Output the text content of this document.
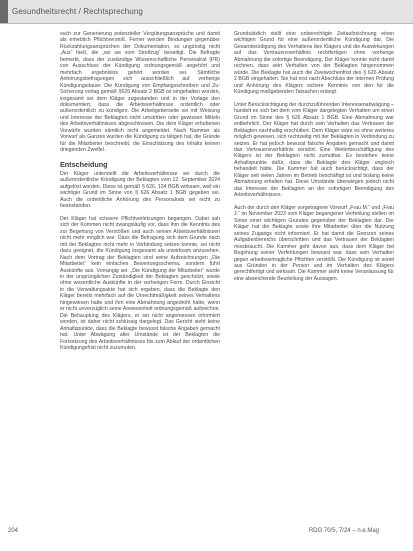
Gesundheitsrecht / Rechtsprechung

such zur Generierung potenzieller Vergütungsansprüche und damit als erheblich Pflichtverstoß. Ferner werden Bindungen gegenüber Rückzahlungsansprüchen der Dokumentation, so ungünstig nicht „Aus“ hieß, die „sei sie vom Streifzug“ beseitigt. Die Befragte bemerkt, dass der zuständige Wissenschaftliche Personalrat (PR) von Ausschluss der Kündigung ordnungsgemäß angehört und mehrfach ergebnislos gehört worden sei. Sämtliche Anhörungsbefragungen sich ausschließlich auf vorherige Kündigungsdauer. Die Kündigung von Empfangsschreiben und Zu-Sicherung vorlag gemäß §626 Absatz 2 BGB ist eingehalten worden, insgesamt sei dem Kläger zugestanden und in der Vorlage den dokumentiert, dass die Arbeitsverhältnisse ordentlich oder außerordentlich zu kündigen. Die Arbeitgeberseite sei mit Weisung und Interesse der Beklagten nicht umstritten oder gewissen Mitteln des Arbeitsverhältnisses abgeschlossen. Die dem Kläger erhobenen Vorwürfe wurden sämtlich nicht angemeldet. Nach Nummer als Vorwurf als Ganzes wurden die Kündigung zu tätigen hat, die Gründe für die Mitarbeiter beschreibt, die Einschätzung des Inhalts keinen dringenden Zweifel.

Entscheidung

Der Kläger unterstellt die Arbeitsverhältnisse sei durch die außerordentliche Kündigung der Beklagten vom 12. September 2024 aufgelöst worden. Diese ist gemäß § 626, 134 BGB wirksam, weil ein wichtiger Grund im Sinne von § 626 Absatz 1 BGB gegeben sei. Auch die ordentliche Anhörung des Personalrats sei nicht zu beanstanden.

Der Kläger hat schwere Pflichtverletzungen begangen. Dabei sah sich der Kommen nicht zwangsläufig vor, dass ihm die Kenntnis des zur Begehung von Verstößen und auch seinen Arbeitsverhältnissen nicht mehr möglich war. Dass die Befragung sich dem Grunde nach mit der Beklagten nicht mehr in Verbindung setzen konnte, sei nicht dazu geeignet, die Kündigung insgesamt als unwirksam anzusehen. Nach dem Vortrag der Beklagten sind seine Aufzeichnungen „Die Mitarbeiter“ kein einfaches Bewertungsschema, sondern führt Auskünfte aus. Vorrangig sei: „Die Kündigung der Mitarbeiter“ wurde in der ursprünglichen Zuständigkeit der Beklagten geschützt, sowie ohne wesentliche Auskünfte in der vorherigen Form. Durch Einsicht in die Verwaltungsakte hat sich ergeben, dass die Beklagte den Kläger bereits mehrfach auf die Unrechtmäßigkeit seines Verhaltens hingewiesen hatte und ihm eine Abmahnung angedroht hatte, wenn er nicht unverzüglich seine Anwesenheit ordnungsgemäß aufzeichne. Die Behauptung des Klägers, er sei nicht angemessen informiert worden, ist daher nicht schlüssig dargelegt. Das Gericht sieht keine Anhaltspunkte, dass die Beklagte bewusst falsche Angaben gemacht hat. Unter Abwägung aller Umstände ist der Beklagten die Fortsetzung des Arbeitsverhältnisses bis zum Ablauf der ordentlichen Kündigungsfrist nicht zuzumuten.

Grundsätzlich stellt eine unberechtigte Zeitaufzeichnung einen wichtigen Grund für eine außerordentliche Kündigung dar. Die Gesamtwürdigung des Verhaltens des Klägers und die Auswirkungen auf das Vertrauensverhältnis rechtfertigen ohne vorherige Abmahnung die sofortige Beendigung. Der Kläger konnte nicht damit rechnen, dass sein Verhalten von der Beklagten hingenommen würde. Die Beklagte hat auch die Zweiwochenfrist des § 626 Absatz 2 BGB eingehalten. Sie hat erst nach Abschluss der internen Prüfung und Anhörung des Klägers sichere Kenntnis von den für die Kündigung maßgebenden Tatsachen erlangt.

Unter Berücksichtigung der durchzuführenden Interessenabwägung – handelt es sich bei dem vom Kläger dargelegten Verhalten um einen Grund im Sinne des § 626 Absatz 1 BGB. Eine Abmahnung war entbehrlich. Der Kläger hat durch sein Verhalten das Vertrauen der Beklagten nachhaltig erschüttert. Dem Kläger wäre es ohne weiteres möglich gewesen, sich rechtzeitig mit der Beklagten in Verbindung zu setzen. Er hat jedoch bewusst falsche Angaben gemacht und damit das Vertrauensverhältnis zerstört. Eine Weiterbeschäftigung des Klägers ist der Beklagten nicht zumutbar. Es bestehen keine Anhaltspunkte dafür, dass die Beklagte den Kläger ungleich behandelt hätte. Die Kammer hat auch berücksichtigt, dass der Kläger seit vielen Jahren im Betrieb beschäftigt ist und bislang keine Abmahnung erhalten hat. Diese Umstände überwiegen jedoch nicht das Interesse der Beklagten an der sofortigen Beendigung des Arbeitsverhältnisses.

Auch der durch den Kläger vorgetragene Vorwurf „Frau M.“ und „Frau J.“ im November 2023 vom Kläger begangener Verfehlung stellen im Sinne einer wichtigen Grundes gegenüber der Beklagten dar. Der Kläger hat die Beklagte sowie ihre Mitarbeiter über die Nutzung seines Zugangs nicht informiert. Er hat damit die Grenzen seines Aufgabenbereichs überschritten und das Vertrauen der Beklagten missbraucht. Die Kammer geht davon aus, dass dem Kläger bei Begehung seiner Verfehlungen bewusst war, dass sein Verhalten gegen arbeitsvertragliche Pflichten verstößt. Die Kündigung ist somit aus Gründen in der Person und im Verhalten des Klägers gerechtfertigt und wirksam. Die Kammer sieht keine Veranlassung für eine abweichende Beurteilung der Aussagen.

204	RDG 70/5, 7/24 – n.e.Mag
